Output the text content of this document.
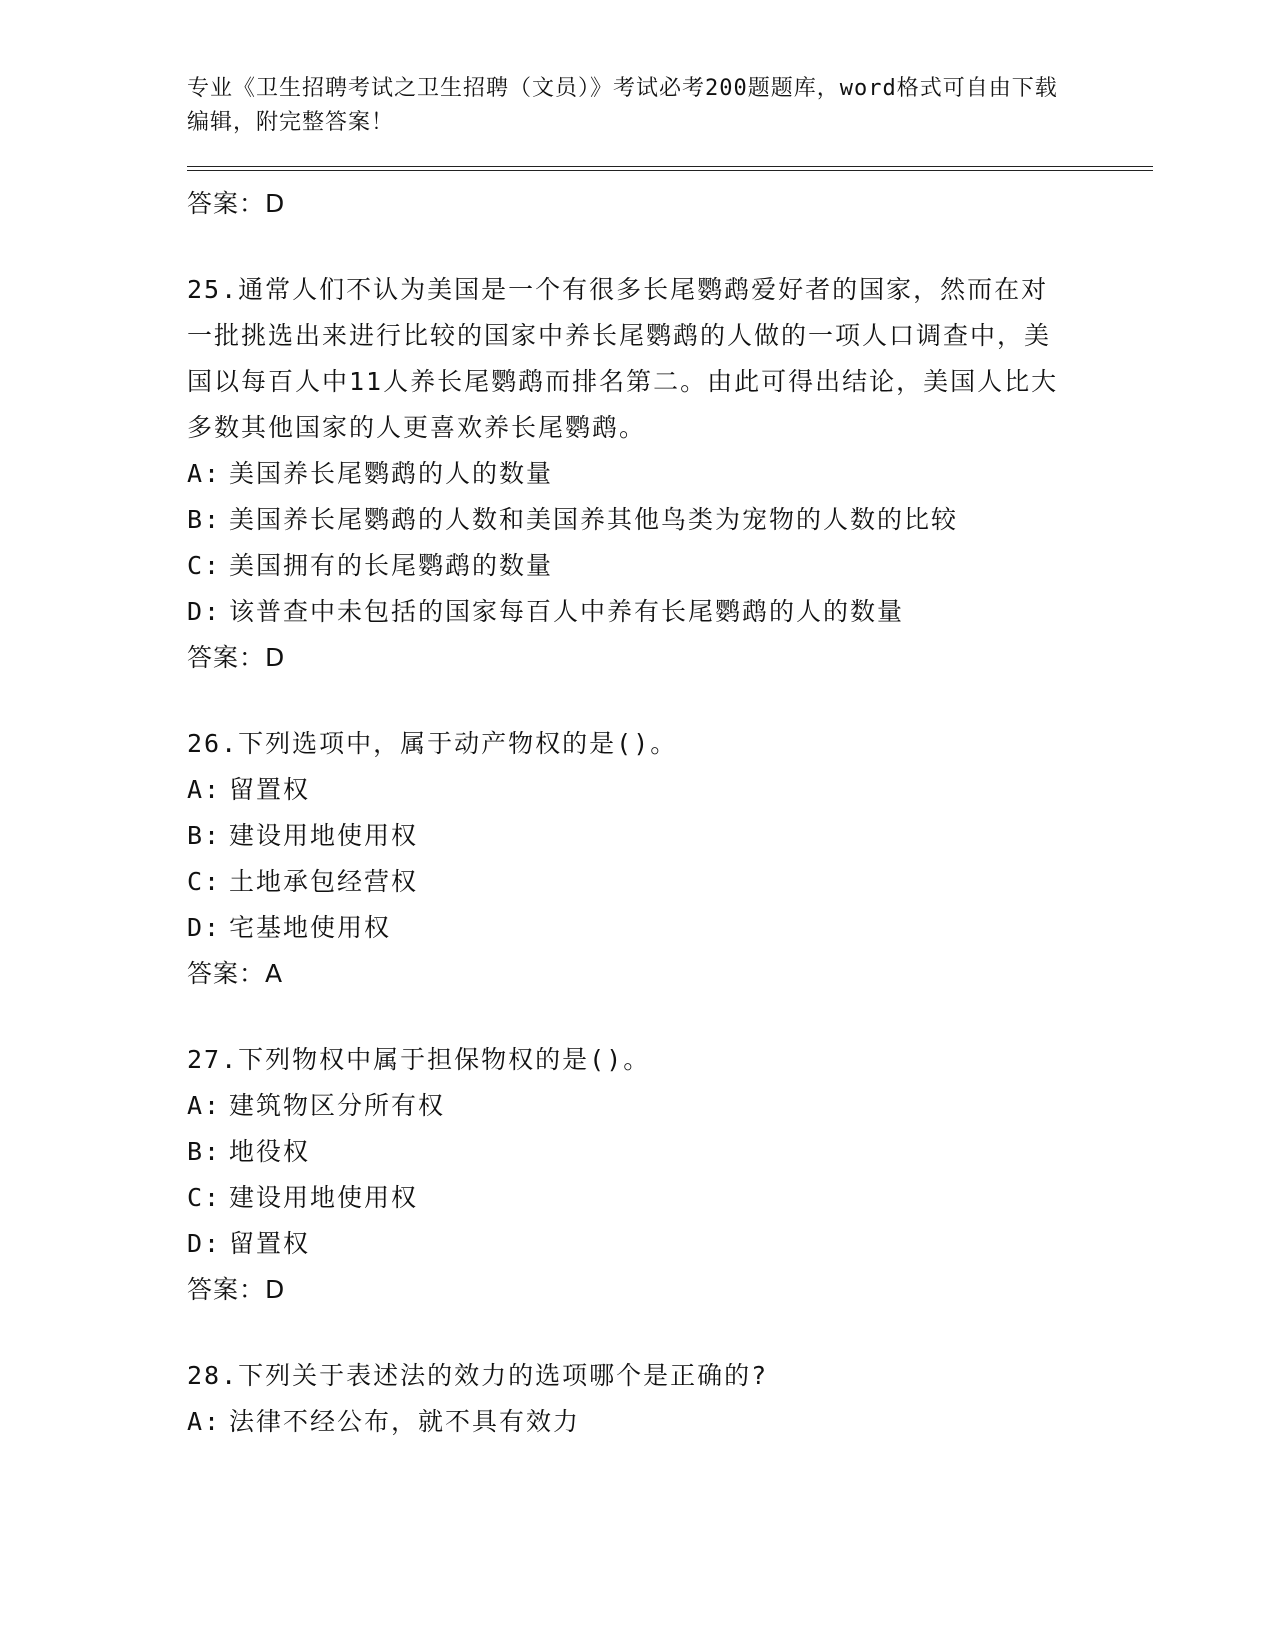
专业《卫生招聘考试之卫生招聘（文员）》考试必考200题题库，word格式可自由下载编辑，附完整答案！
答案：D
25.通常人们不认为美国是一个有很多长尾鹦鹉爱好者的国家，然而在对一批挑选出来进行比较的国家中养长尾鹦鹉的人做的一项人口调查中，美国以每百人中11人养长尾鹦鹉而排名第二。由此可得出结论，美国人比大多数其他国家的人更喜欢养长尾鹦鹉。
A: 美国养长尾鹦鹉的人的数量
B: 美国养长尾鹦鹉的人数和美国养其他鸟类为宠物的人数的比较
C: 美国拥有的长尾鹦鹉的数量
D: 该普查中未包括的国家每百人中养有长尾鹦鹉的人的数量
答案：D
26.下列选项中，属于动产物权的是()。
A: 留置权
B: 建设用地使用权
C: 土地承包经营权
D: 宅基地使用权
答案：A
27.下列物权中属于担保物权的是()。
A: 建筑物区分所有权
B: 地役权
C: 建设用地使用权
D: 留置权
答案：D
28.下列关于表述法的效力的选项哪个是正确的?
A: 法律不经公布，就不具有效力
